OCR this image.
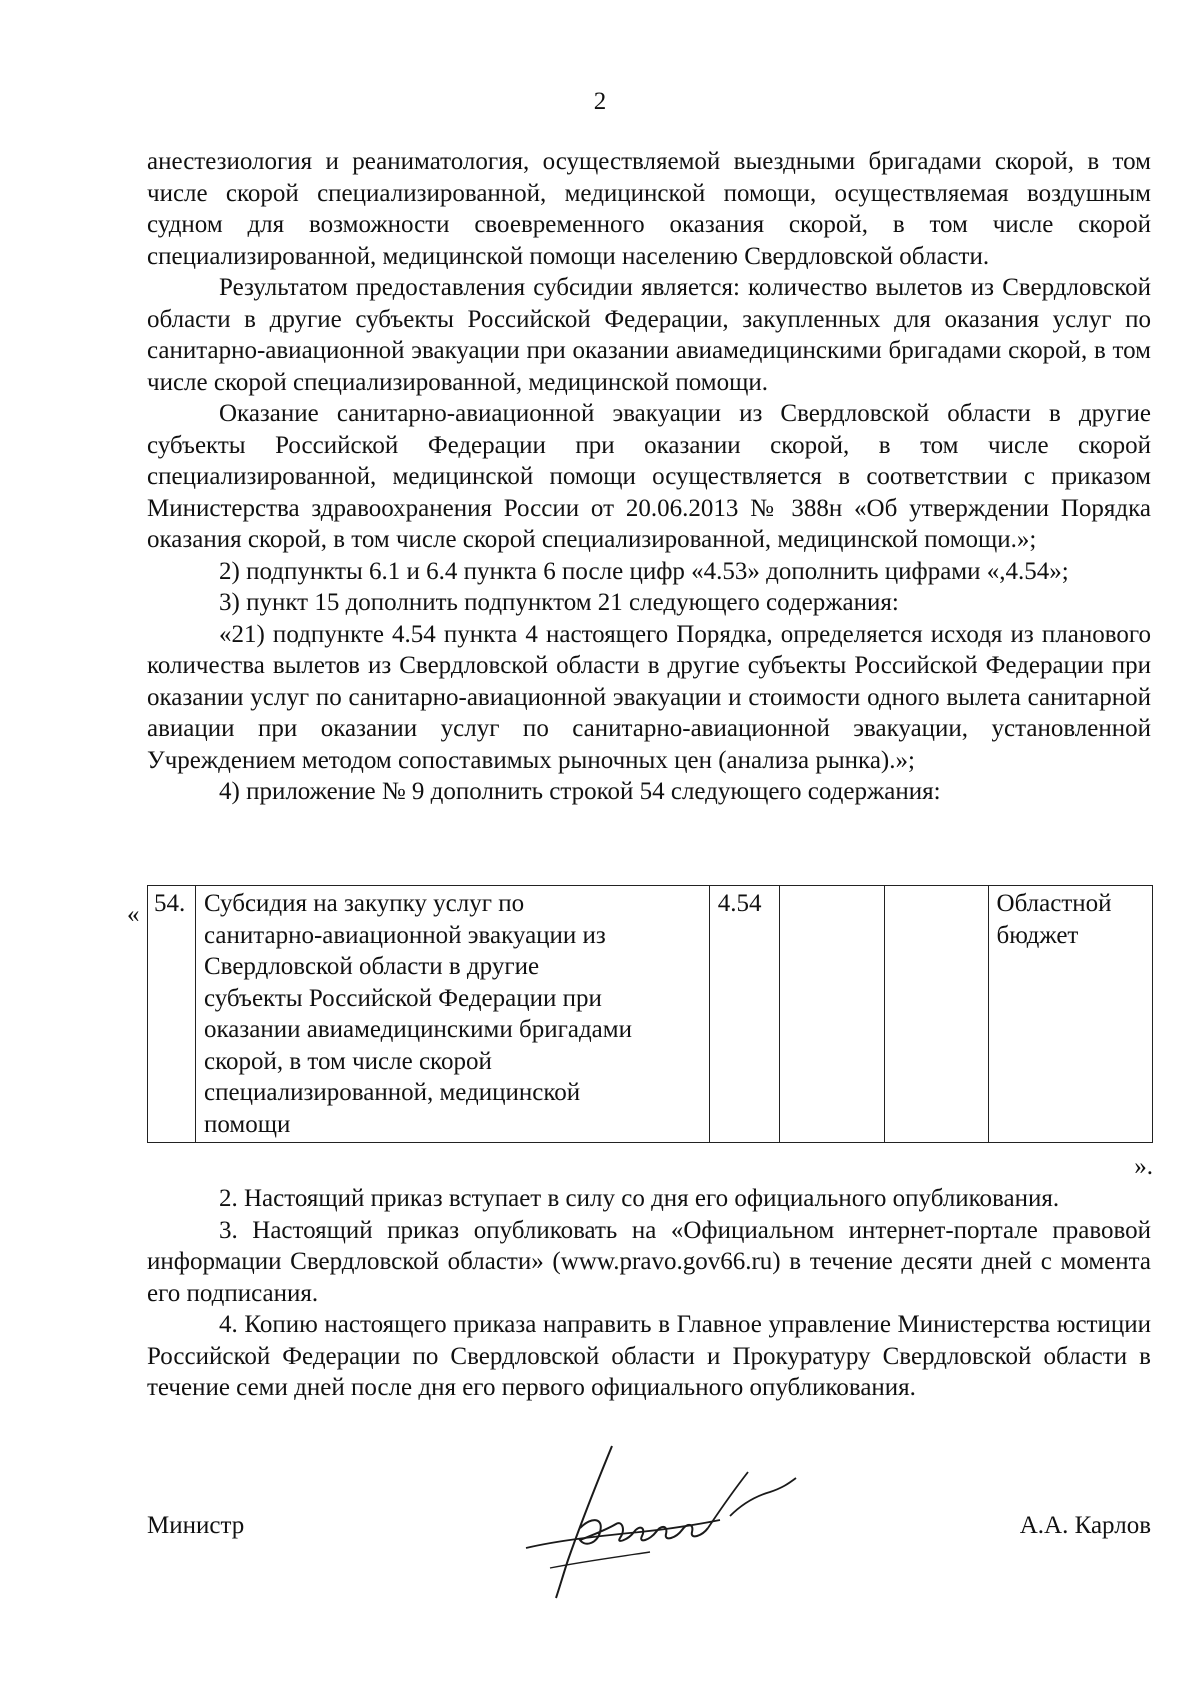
2

анестезиология и реаниматология, осуществляемой выездными бригадами скорой, в том числе скорой специализированной, медицинской помощи, осуществляемая воздушным судном для возможности своевременного оказания скорой, в том числе скорой специализированной, медицинской помощи населению Свердловской области.

Результатом предоставления субсидии является: количество вылетов из Свердловской области в другие субъекты Российской Федерации, закупленных для оказания услуг по санитарно-авиационной эвакуации при оказании авиамедицинскими бригадами скорой, в том числе скорой специализированной, медицинской помощи.

Оказание санитарно-авиационной эвакуации из Свердловской области в другие субъекты Российской Федерации при оказании скорой, в том числе скорой специализированной, медицинской помощи осуществляется в соответствии с приказом Министерства здравоохранения России от 20.06.2013 № 388н «Об утверждении Порядка оказания скорой, в том числе скорой специализированной, медицинской помощи.»;

2) подпункты 6.1 и 6.4 пункта 6 после цифр «4.53» дополнить цифрами «,4.54»;

3) пункт 15 дополнить подпунктом 21 следующего содержания:

«21) подпункте 4.54 пункта 4 настоящего Порядка, определяется исходя из планового количества вылетов из Свердловской области в другие субъекты Российской Федерации при оказании услуг по санитарно-авиационной эвакуации и стоимости одного вылета санитарной авиации при оказании услуг по санитарно-авиационной эвакуации, установленной Учреждением методом сопоставимых рыночных цен (анализа рынка).»;

4) приложение № 9 дополнить строкой 54 следующего содержания:

« 54.	Субсидия на закупку услуг по
санитарно-авиационной эвакуации из
Свердловской области в другие
субъекты Российской Федерации при
оказании авиамедицинскими бригадами
скорой, в том числе скорой
специализированной, медицинской
помощи
	4.54			Областной
бюджет
».

2. Настоящий приказ вступает в силу со дня его официального опубликования.

3. Настоящий приказ опубликовать на «Официальном интернет-портале правовой информации Свердловской области» (www.pravo.gov66.ru) в течение десяти дней с момента его подписания.

4. Копию настоящего приказа направить в Главное управление Министерства юстиции Российской Федерации по Свердловской области и Прокуратуру Свердловской области в течение семи дней после дня его первого официального опубликования.

Министр	А.А. Карлов
